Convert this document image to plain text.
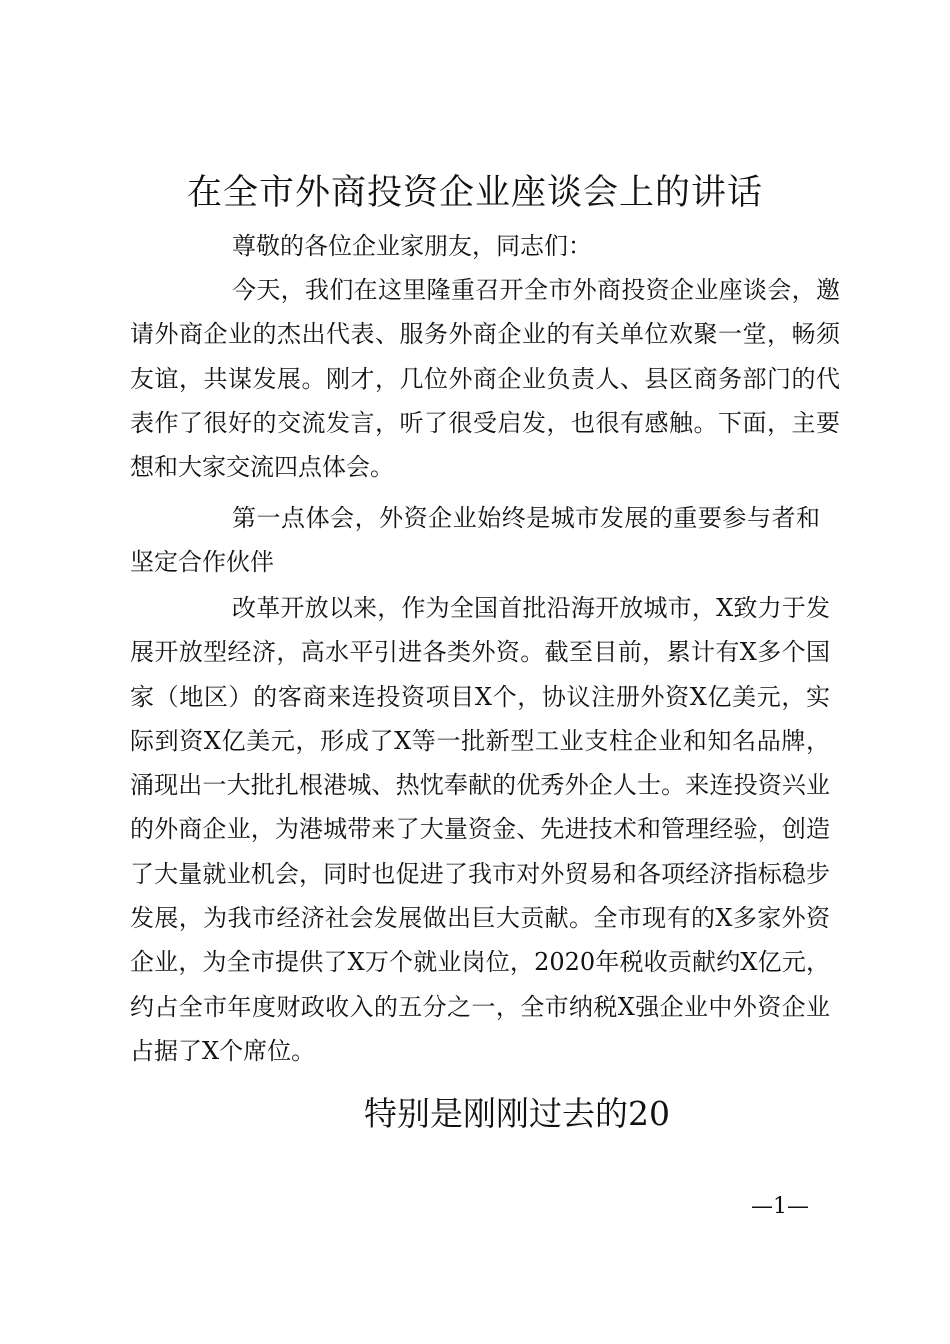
在全市外商投资企业座谈会上的讲话

尊敬的各位企业家朋友，同志们：

今天，我们在这里隆重召开全市外商投资企业座谈会，邀请外商企业的杰出代表、服务外商企业的有关单位欢聚一堂，畅须友谊，共谋发展。刚才，几位外商企业负责人、县区商务部门的代表作了很好的交流发言，听了很受启发，也很有感触。下面，主要想和大家交流四点体会。

第一点体会，外资企业始终是城市发展的重要参与者和坚定合作伙伴

改革开放以来，作为全国首批沿海开放城市，X致力于发展开放型经济，高水平引进各类外资。截至目前，累计有X多个国家（地区）的客商来连投资项目X个，协议注册外资X亿美元，实际到资X亿美元，形成了X等一批新型工业支柱企业和知名品牌，涌现出一大批扎根港城、热忱奉献的优秀外企人士。来连投资兴业的外商企业，为港城带来了大量资金、先进技术和管理经验，创造了大量就业机会，同时也促进了我市对外贸易和各项经济指标稳步发展，为我市经济社会发展做出巨大贡献。全市现有的X多家外资企业，为全市提供了X万个就业岗位，2020年税收贡献约X亿元，约占全市年度财政收入的五分之一，全市纳税X强企业中外资企业占据了X个席位。

特别是刚刚过去的20
—1—
